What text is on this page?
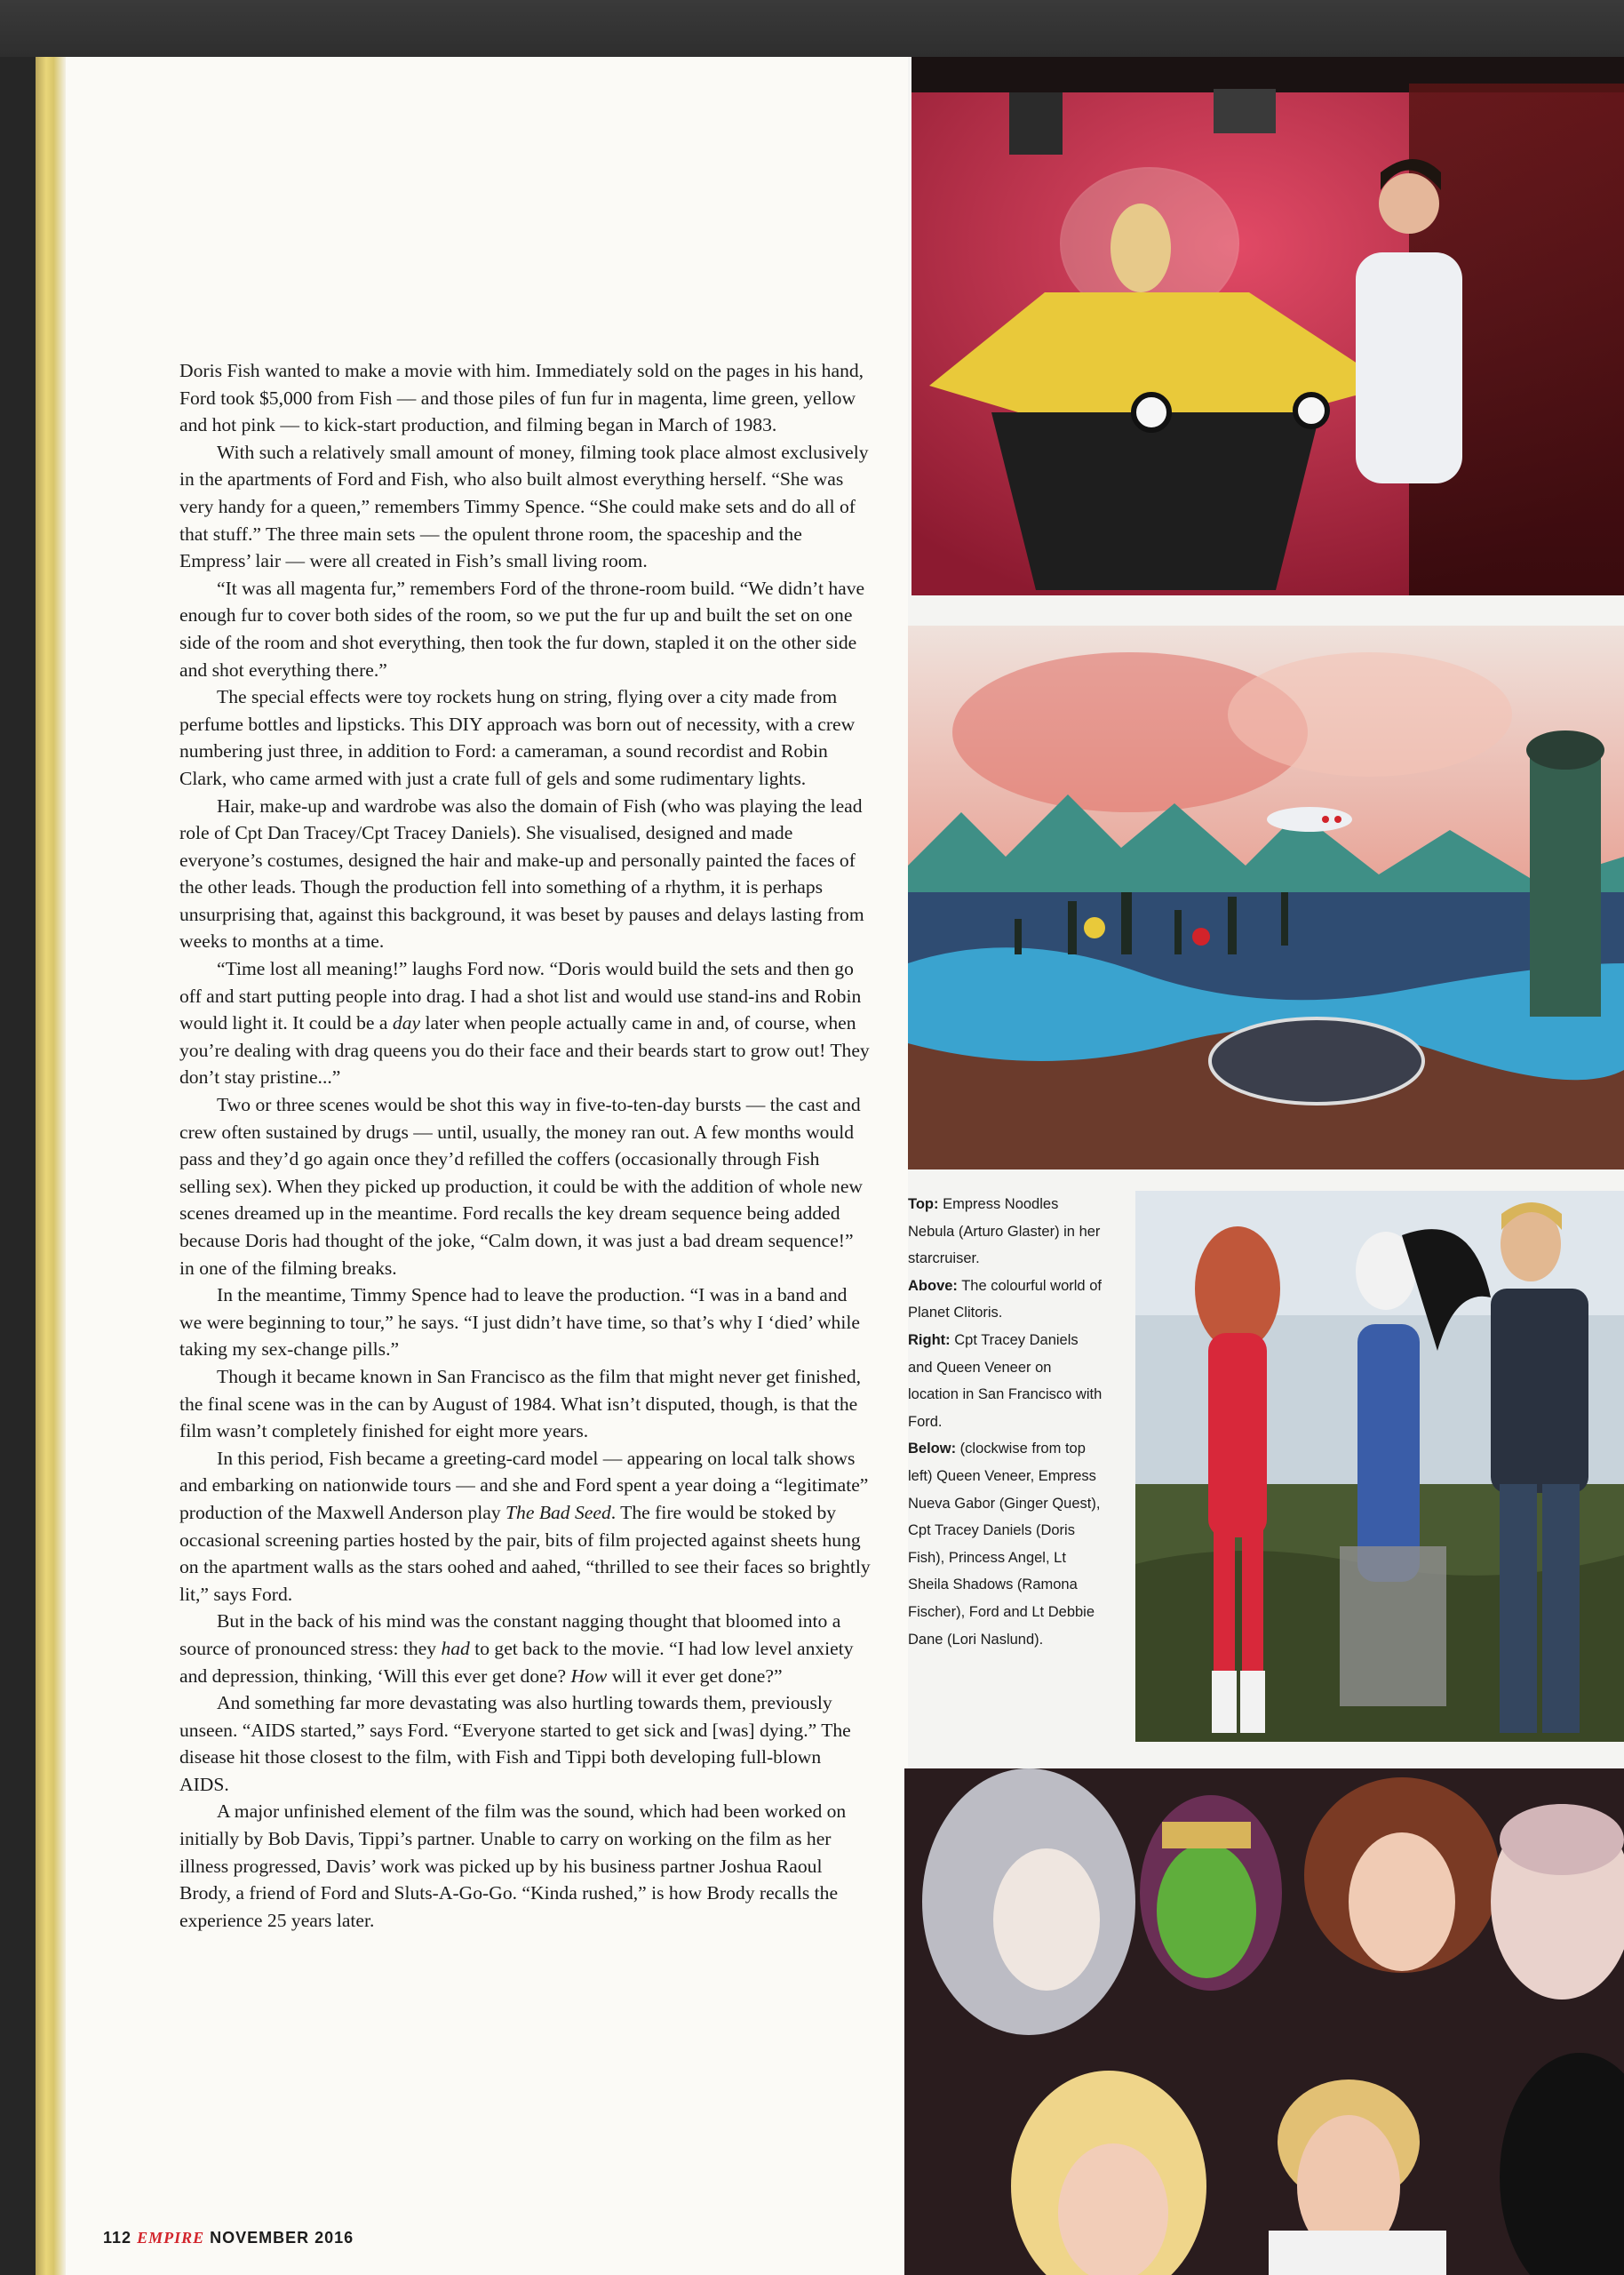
Doris Fish wanted to make a movie with him. Immediately sold on the pages in his hand, Ford took $5,000 from Fish — and those piles of fun fur in magenta, lime green, yellow and hot pink — to kick-start production, and filming began in March of 1983.

With such a relatively small amount of money, filming took place almost exclusively in the apartments of Ford and Fish, who also built almost everything herself. “She was very handy for a queen,” remembers Timmy Spence. “She could make sets and do all of that stuff.” The three main sets — the opulent throne room, the spaceship and the Empress’ lair — were all created in Fish’s small living room.

“It was all magenta fur,” remembers Ford of the throne-room build. “We didn’t have enough fur to cover both sides of the room, so we put the fur up and built the set on one side of the room and shot everything, then took the fur down, stapled it on the other side and shot everything there.”

The special effects were toy rockets hung on string, flying over a city made from perfume bottles and lipsticks. This DIY approach was born out of necessity, with a crew numbering just three, in addition to Ford: a cameraman, a sound recordist and Robin Clark, who came armed with just a crate full of gels and some rudimentary lights.

Hair, make-up and wardrobe was also the domain of Fish (who was playing the lead role of Cpt Dan Tracey/Cpt Tracey Daniels). She visualised, designed and made everyone’s costumes, designed the hair and make-up and personally painted the faces of the other leads. Though the production fell into something of a rhythm, it is perhaps unsurprising that, against this background, it was beset by pauses and delays lasting from weeks to months at a time.

“Time lost all meaning!” laughs Ford now. “Doris would build the sets and then go off and start putting people into drag. I had a shot list and would use stand-ins and Robin would light it. It could be a day later when people actually came in and, of course, when you’re dealing with drag queens you do their face and their beards start to grow out! They don’t stay pristine...”

Two or three scenes would be shot this way in five-to-ten-day bursts — the cast and crew often sustained by drugs — until, usually, the money ran out. A few months would pass and they’d go again once they’d refilled the coffers (occasionally through Fish selling sex). When they picked up production, it could be with the addition of whole new scenes dreamed up in the meantime. Ford recalls the key dream sequence being added because Doris had thought of the joke, “Calm down, it was just a bad dream sequence!” in one of the filming breaks.

In the meantime, Timmy Spence had to leave the production. “I was in a band and we were beginning to tour,” he says. “I just didn’t have time, so that’s why I ‘died’ while taking my sex-change pills.”

Though it became known in San Francisco as the film that might never get finished, the final scene was in the can by August of 1984. What isn’t disputed, though, is that the film wasn’t completely finished for eight more years.

In this period, Fish became a greeting-card model — appearing on local talk shows and embarking on nationwide tours — and she and Ford spent a year doing a “legitimate” production of the Maxwell Anderson play The Bad Seed. The fire would be stoked by occasional screening parties hosted by the pair, bits of film projected against sheets hung on the apartment walls as the stars oohed and aahed, “thrilled to see their faces so brightly lit,” says Ford.

But in the back of his mind was the constant nagging thought that bloomed into a source of pronounced stress: they had to get back to the movie. “I had low level anxiety and depression, thinking, ‘Will this ever get done? How will it ever get done?”

And something far more devastating was also hurtling towards them, previously unseen. “AIDS started,” says Ford. “Everyone started to get sick and [was] dying.” The disease hit those closest to the film, with Fish and Tippi both developing full-blown AIDS.

A major unfinished element of the film was the sound, which had been worked on initially by Bob Davis, Tippi’s partner. Unable to carry on working on the film as her illness progressed, Davis’ work was picked up by his business partner Joshua Raoul Brody, a friend of Ford and Sluts-A-Go-Go. “Kinda rushed,” is how Brody recalls the experience 25 years later.

112 EMPIRE NOVEMBER 2016

Top: Empress Noodles Nebula (Arturo Glaster) in her starcruiser.

Above: The colourful world of Planet Clitoris.

Right: Cpt Tracey Daniels and Queen Veneer on location in San Francisco with Ford.

Below: (clockwise from top left) Queen Veneer, Empress Nueva Gabor (Ginger Quest), Cpt Tracey Daniels (Doris Fish), Princess Angel, Lt Sheila Shadows (Ramona Fischer), Ford and Lt Debbie Dane (Lori Naslund).
